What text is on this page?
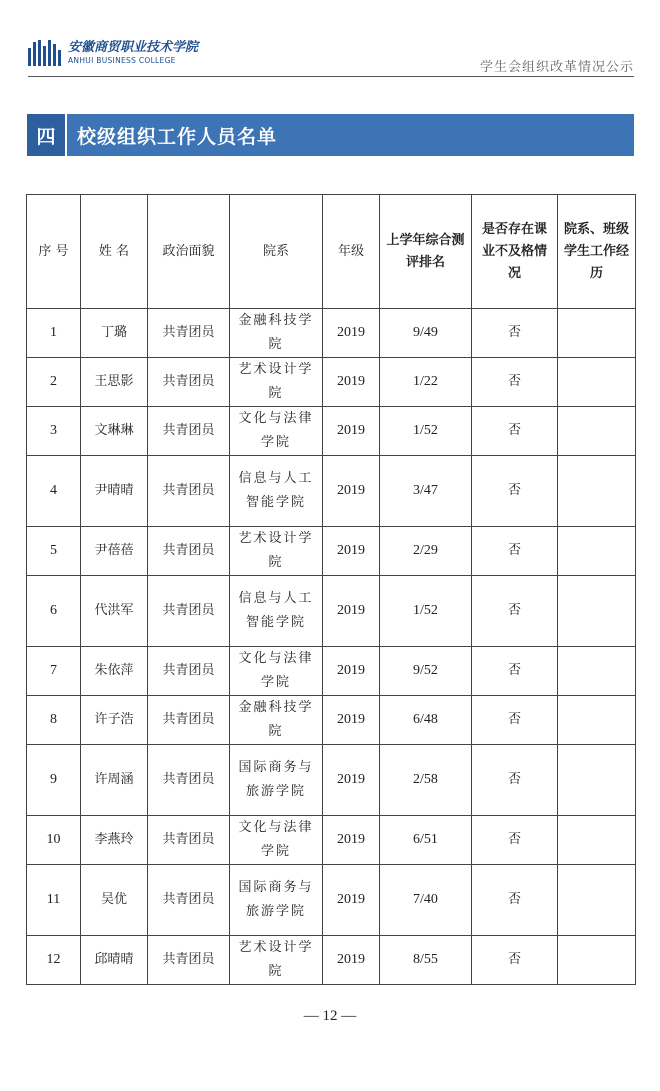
安徽商贸职业技术学院
ANHUI BUSINESS COLLEGE	学生会组织改革情况公示
四	校级组织工作人员名单
序 号	姓 名	政治面貌	院系	年级	上学年综合测评排名	是否存在课业不及格情况	院系、班级学生工作经历
1	丁璐	共青团员	金融科技学院	2019	9/49	否	
2	王思影	共青团员	艺术设计学院	2019	1/22	否	
3	文琳琳	共青团员	文化与法律学院	2019	1/52	否	
4	尹晴晴	共青团员	信息与人工智能学院	2019	3/47	否	
5	尹蓓蓓	共青团员	艺术设计学院	2019	2/29	否	
6	代洪军	共青团员	信息与人工智能学院	2019	1/52	否	
7	朱依萍	共青团员	文化与法律学院	2019	9/52	否	
8	许子浩	共青团员	金融科技学院	2019	6/48	否	
9	许周涵	共青团员	国际商务与旅游学院	2019	2/58	否	
10	李燕玲	共青团员	文化与法律学院	2019	6/51	否	
11	吴优	共青团员	国际商务与旅游学院	2019	7/40	否	
12	邱晴晴	共青团员	艺术设计学院	2019	8/55	否	
— 12 —
